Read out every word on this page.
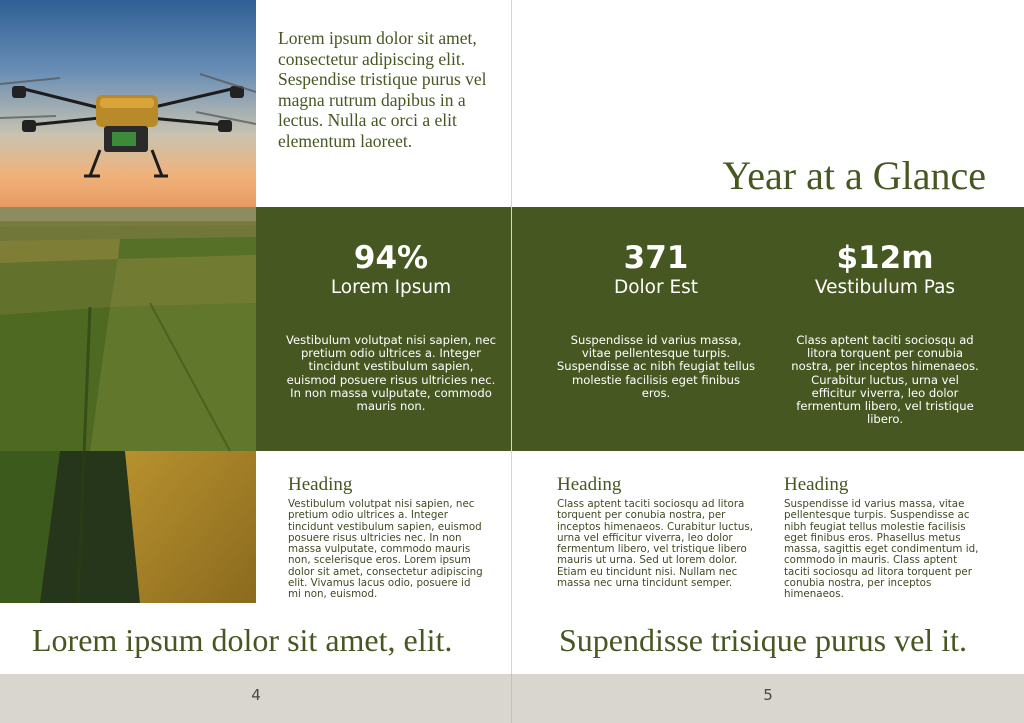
Lorem ipsum dolor sit amet, consectetur adipiscing elit. Sespendise tristique purus vel magna rutrum dapibus in a lectus. Nulla ac orci a elit elementum laoreet.
Year at a Glance
94%
Lorem Ipsum
Vestibulum volutpat nisi sapien, nec pretium odio ultrices a. Integer tincidunt vestibulum sapien, euismod posuere risus ultricies nec. In non massa vulputate, commodo mauris non.
371
Dolor Est
Suspendisse id varius massa, vitae pellentesque turpis. Suspendisse ac nibh feugiat tellus molestie facilisis eget finibus eros.
$12m
Vestibulum Pas
Class aptent taciti sociosqu ad litora torquent per conubia nostra, per inceptos himenaeos. Curabitur luctus, urna vel efficitur viverra, leo dolor fermentum libero, vel tristique libero.
Heading

Vestibulum volutpat nisi sapien, nec pretium odio ultrices a. Integer tincidunt vestibulum sapien, euismod posuere risus ultricies nec. In non massa vulputate, commodo mauris non, scelerisque eros. Lorem ipsum dolor sit amet, consectetur adipiscing elit. Vivamus lacus odio, posuere id mi non, euismod.

Heading

Class aptent taciti sociosqu ad litora torquent per conubia nostra, per inceptos himenaeos. Curabitur luctus, urna vel efficitur viverra, leo dolor fermentum libero, vel tristique libero mauris ut urna. Sed ut lorem dolor. Etiam eu tincidunt nisi. Nullam nec massa nec urna tincidunt semper.

Heading

Suspendisse id varius massa, vitae pellentesque turpis. Suspendisse ac nibh feugiat tellus molestie facilisis eget finibus eros. Phasellus metus massa, sagittis eget condimentum id, commodo in mauris. Class aptent taciti sociosqu ad litora torquent per conubia nostra, per inceptos himenaeos.

Lorem ipsum dolor sit amet, elit.	Supendisse trisique purus vel it.
4	5
